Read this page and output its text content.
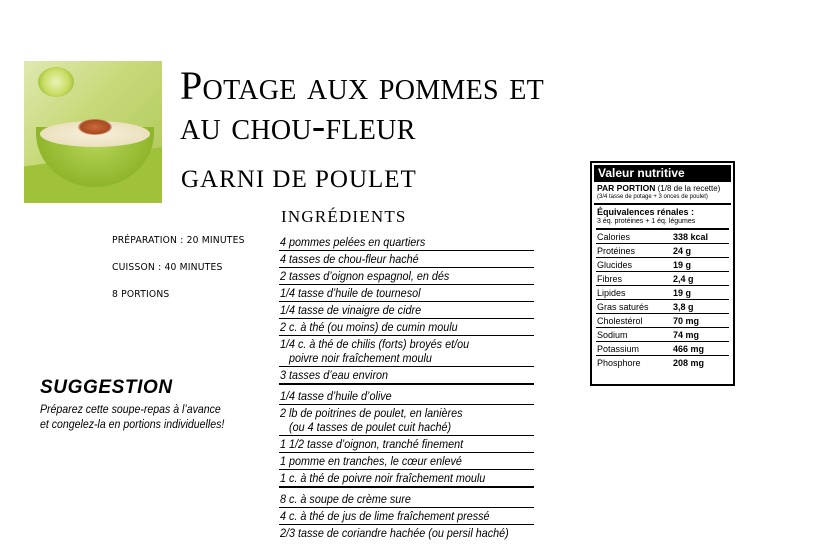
Potage aux pommes et
au chou-fleur
GARNI DE POULET
INGRÉDIENTS
PRÉPARATION : 20 MINUTES
CUISSON : 40 MINUTES
8 PORTIONS
SUGGESTION
Préparez cette soupe-repas à l’avance
et congelez-la en portions individuelles!
4 pommes pelées en quartiers
4 tasses de chou-fleur haché
2 tasses d’oignon espagnol, en dés
1/4 tasse d’huile de tournesol
1/4 tasse de vinaigre de cidre
2 c. à thé (ou moins) de cumin moulu
1/4 c. à thé de chilis (forts) broyés et/ou
poivre noir fraîchement moulu
3 tasses d’eau environ
1/4 tasse d’huile d’olive
2 lb de poitrines de poulet, en lanières
(ou 4 tasses de poulet cuit haché)
1 1/2 tasse d’oignon, tranché finement
1 pomme en tranches, le cœur enlevé
1 c. à thé de poivre noir fraîchement moulu
8 c. à soupe de crème sure
4 c. à thé de jus de lime fraîchement pressé
2/3 tasse de coriandre hachée (ou persil haché)
Valeur nutritive
PAR PORTION (1/8 de la recette)
(3/4 tasse de potage + 3 onces de poulet)
Équivalences rénales :
3 éq. protéines + 1 éq. légumes
Calories	338 kcal
Protéines	24 g
Glucides	19 g
Fibres	2,4 g
Lipides	19 g
Gras saturés	3,8 g
Cholestérol	70 mg
Sodium	74 mg
Potassium	466 mg
Phosphore	208 mg
